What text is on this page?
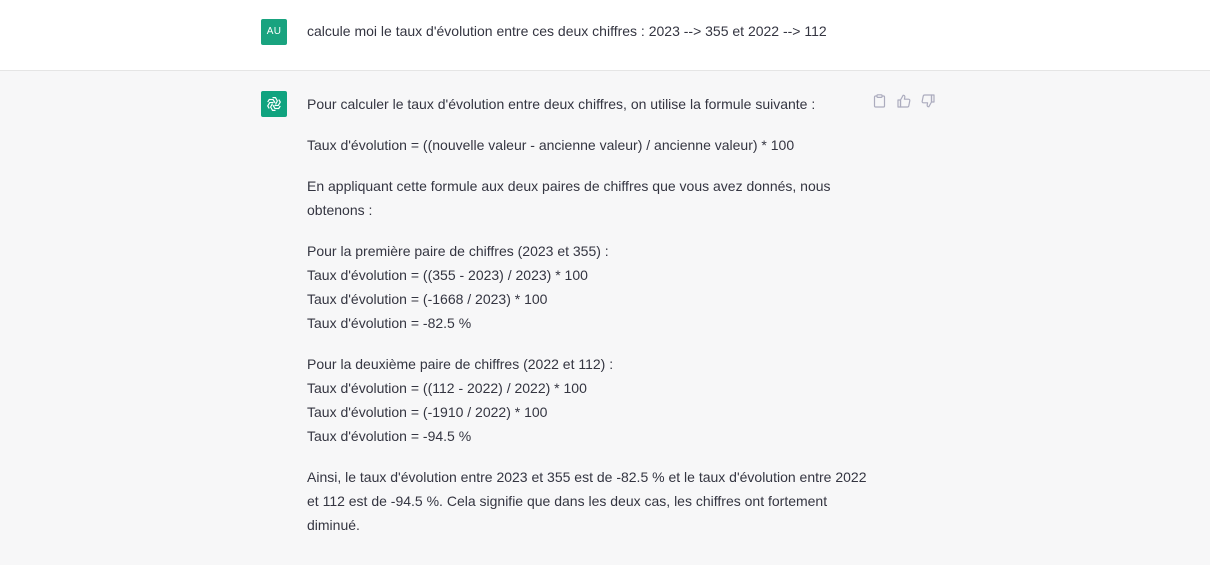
AU	calcule moi le taux d'évolution entre ces deux chiffres : 2023 --> 355 et 2022 --> 112

Pour calculer le taux d'évolution entre deux chiffres, on utilise la formule suivante :

Taux d'évolution = ((nouvelle valeur - ancienne valeur) / ancienne valeur) * 100

En appliquant cette formule aux deux paires de chiffres que vous avez donnés, nous obtenons :

Pour la première paire de chiffres (2023 et 355) :
Taux d'évolution = ((355 - 2023) / 2023) * 100
Taux d'évolution = (-1668 / 2023) * 100
Taux d'évolution = -82.5 %

Pour la deuxième paire de chiffres (2022 et 112) :
Taux d'évolution = ((112 - 2022) / 2022) * 100
Taux d'évolution = (-1910 / 2022) * 100
Taux d'évolution = -94.5 %

Ainsi, le taux d'évolution entre 2023 et 355 est de -82.5 % et le taux d'évolution entre 2022 et 112 est de -94.5 %. Cela signifie que dans les deux cas, les chiffres ont fortement diminué.
